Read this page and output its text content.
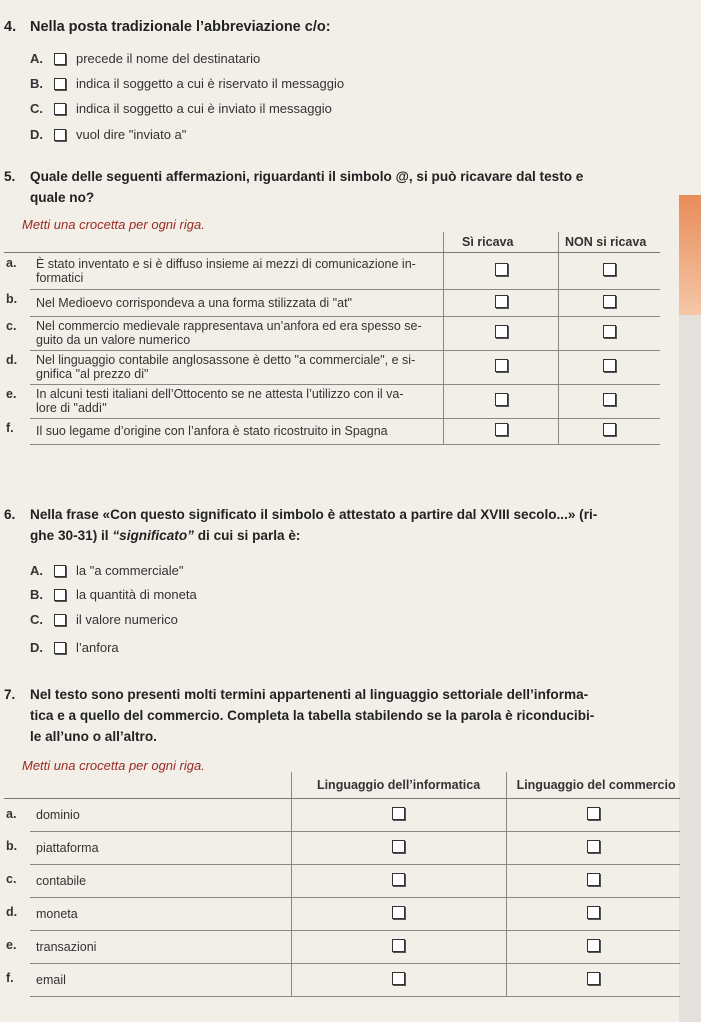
4. Nella posta tradizionale l’abbreviazione c/o:
A.	precede il nome del destinatario
B.	indica il soggetto a cui è riservato il messaggio
C.	indica il soggetto a cui è inviato il messaggio
D.	vuol dire "inviato a"
5. Quale delle seguenti affermazioni, riguardanti il simbolo @, si può ricavare dal testo e
quale no?
Metti una crocetta per ogni riga.
		Sì ricava	NON si ricava
a.	È stato inventato e si è diffuso insieme ai mezzi di comunicazione in-
formatici		
b.	Nel Medioevo corrispondeva a una forma stilizzata di "at"		
c.	Nel commercio medievale rappresentava un’anfora ed era spesso se-
guito da un valore numerico		
d.	Nel linguaggio contabile anglosassone è detto "a commerciale", e si-
gnifica "al prezzo di"		
e.	In alcuni testi italiani dell’Ottocento se ne attesta l’utilizzo con il va-
lore di "addì"		
f.	Il suo legame d’origine con l’anfora è stato ricostruito in Spagna		
6. Nella frase «Con questo significato il simbolo è attestato a partire dal XVIII secolo...» (ri-
ghe 30-31) il “significato” di cui si parla è:
A.	la "a commerciale"
B.	la quantità di moneta
C.	il valore numerico
D.	l’anfora
7. Nel testo sono presenti molti termini appartenenti al linguaggio settoriale dell’informa-
tica e a quello del commercio. Completa la tabella stabilendo se la parola è riconducibi-
le all’uno o all’altro.
Metti una crocetta per ogni riga.
		Linguaggio dell’informatica	Linguaggio del commercio
a.	dominio		
b.	piattaforma		
c.	contabile		
d.	moneta		
e.	transazioni		
f.	email		
